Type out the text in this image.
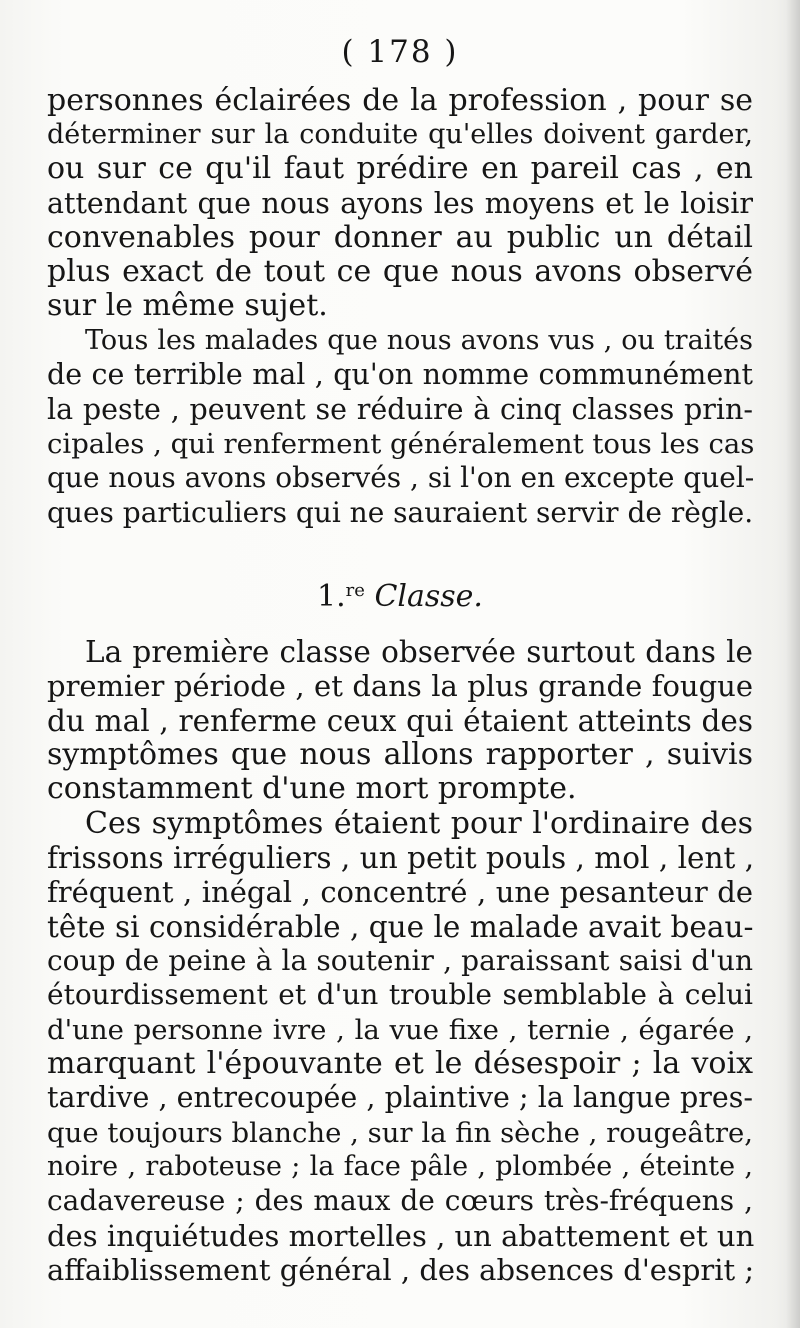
( 178 )
personnes éclairées de la profession , pour se
déterminer sur la conduite qu'elles doivent garder,
ou sur ce qu'il faut prédire en pareil cas , en
attendant que nous ayons les moyens et le loisir
convenables pour donner au public un détail
plus exact de tout ce que nous avons observé
sur le même sujet.
Tous les malades que nous avons vus , ou traités
de ce terrible mal , qu'on nomme communément
la peste , peuvent se réduire à cinq classes prin-
cipales , qui renferment généralement tous les cas
que nous avons observés , si l'on en excepte quel-
ques particuliers qui ne sauraient servir de règle.
1.$^{re}$ Classe.
La première classe observée surtout dans le
premier période , et dans la plus grande fougue
du mal , renferme ceux qui étaient atteints des
symptômes que nous allons rapporter , suivis
constamment d'une mort prompte.
Ces symptômes étaient pour l'ordinaire des
frissons irréguliers , un petit pouls , mol , lent ,
fréquent , inégal , concentré , une pesanteur de
tête si considérable , que le malade avait beau-
coup de peine à la soutenir , paraissant saisi d'un
étourdissement et d'un trouble semblable à celui
d'une personne ivre , la vue fixe , ternie , égarée ,
marquant l'épouvante et le désespoir ; la voix
tardive , entrecoupée , plaintive ; la langue pres-
que toujours blanche , sur la fin sèche , rougeâtre,
noire , raboteuse ; la face pâle , plombée , éteinte ,
cadavereuse ; des maux de cœurs très-fréquens ,
des inquiétudes mortelles , un abattement et un
affaiblissement général , des absences d'esprit ;
